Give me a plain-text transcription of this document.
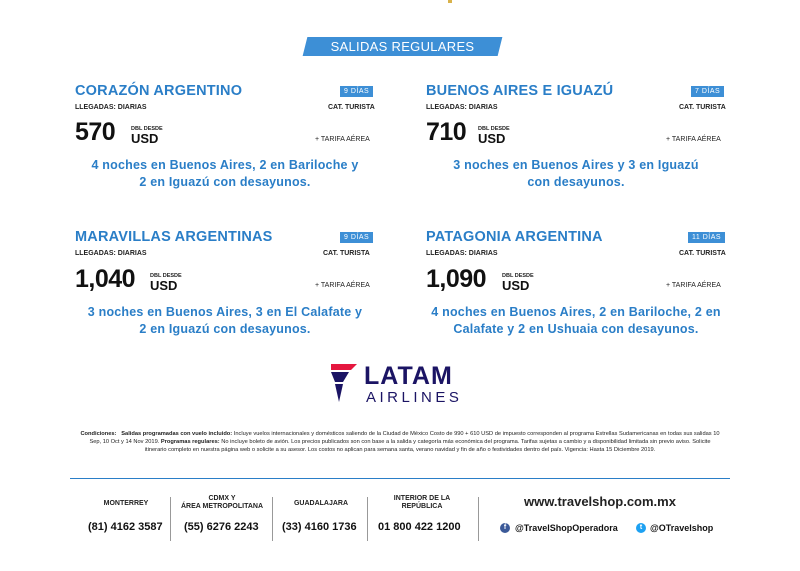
SALIDAS REGULARES
CORAZÓN ARGENTINO	9 DÍAS
LLEGADAS: DIARIAS	CAT. TURISTA
570	DBL DESDE
USD	+ TARIFA AÉREA
4 noches en Buenos Aires, 2 en Bariloche y
2 en Iguazú con desayunos.
BUENOS AIRES E IGUAZÚ	7 DÍAS
LLEGADAS: DIARIAS	CAT. TURISTA
710 DBL DESDE
USD	+ TARIFA AÉREA
3 noches en Buenos Aires y 3 en Iguazú
con desayunos.
MARAVILLAS ARGENTINAS	9 DÍAS
LLEGADAS: DIARIAS	CAT. TURISTA
1,040	DBL DESDE
USD	+ TARIFA AÉREA
3 noches en Buenos Aires, 3 en El Calafate y
2 en Iguazú con desayunos.
PATAGONIA ARGENTINA	11 DÍAS
LLEGADAS: DIARIAS	CAT. TURISTA
1,090	DBL DESDE
USD	+ TARIFA AÉREA
4 noches en Buenos Aires, 2 en Bariloche, 2 en
Calafate y 2 en Ushuaia con desayunos.
LATAM
AIRLINES
Condiciones: Salidas programadas con vuelo incluido: Incluye vuelos internacionales y domésticos saliendo de la Ciudad de México Costo de 990 + 610 USD de impuesto corresponden al programa Estrellas Sudamericanas en todas sus salidas 10 Sep, 10 Oct y 14 Nov 2019. Programas regulares: No incluye boleto de avión. Los precios publicados son con base a la salida y categoría más económica del programa. Tarifas sujetas a cambio y a disponibilidad limitada sin previo aviso. Solicite itinerario completo en nuestra página web o solicite a su asesor. Los costos no aplican para semana santa, verano navidad y fin de año o festividades dentro del país. Vigencia: Hasta 15 Diciembre 2019.
MONTERREY
(81) 4162 3587
CDMX Y
ÁREA METROPOLITANA
(55) 6276 2243
GUADALAJARA
(33) 4160 1736
INTERIOR DE LA
REPÚBLICA
01 800 422 1200
www.travelshop.com.mx
f @TravelShopOperadora	t @OTravelshop
